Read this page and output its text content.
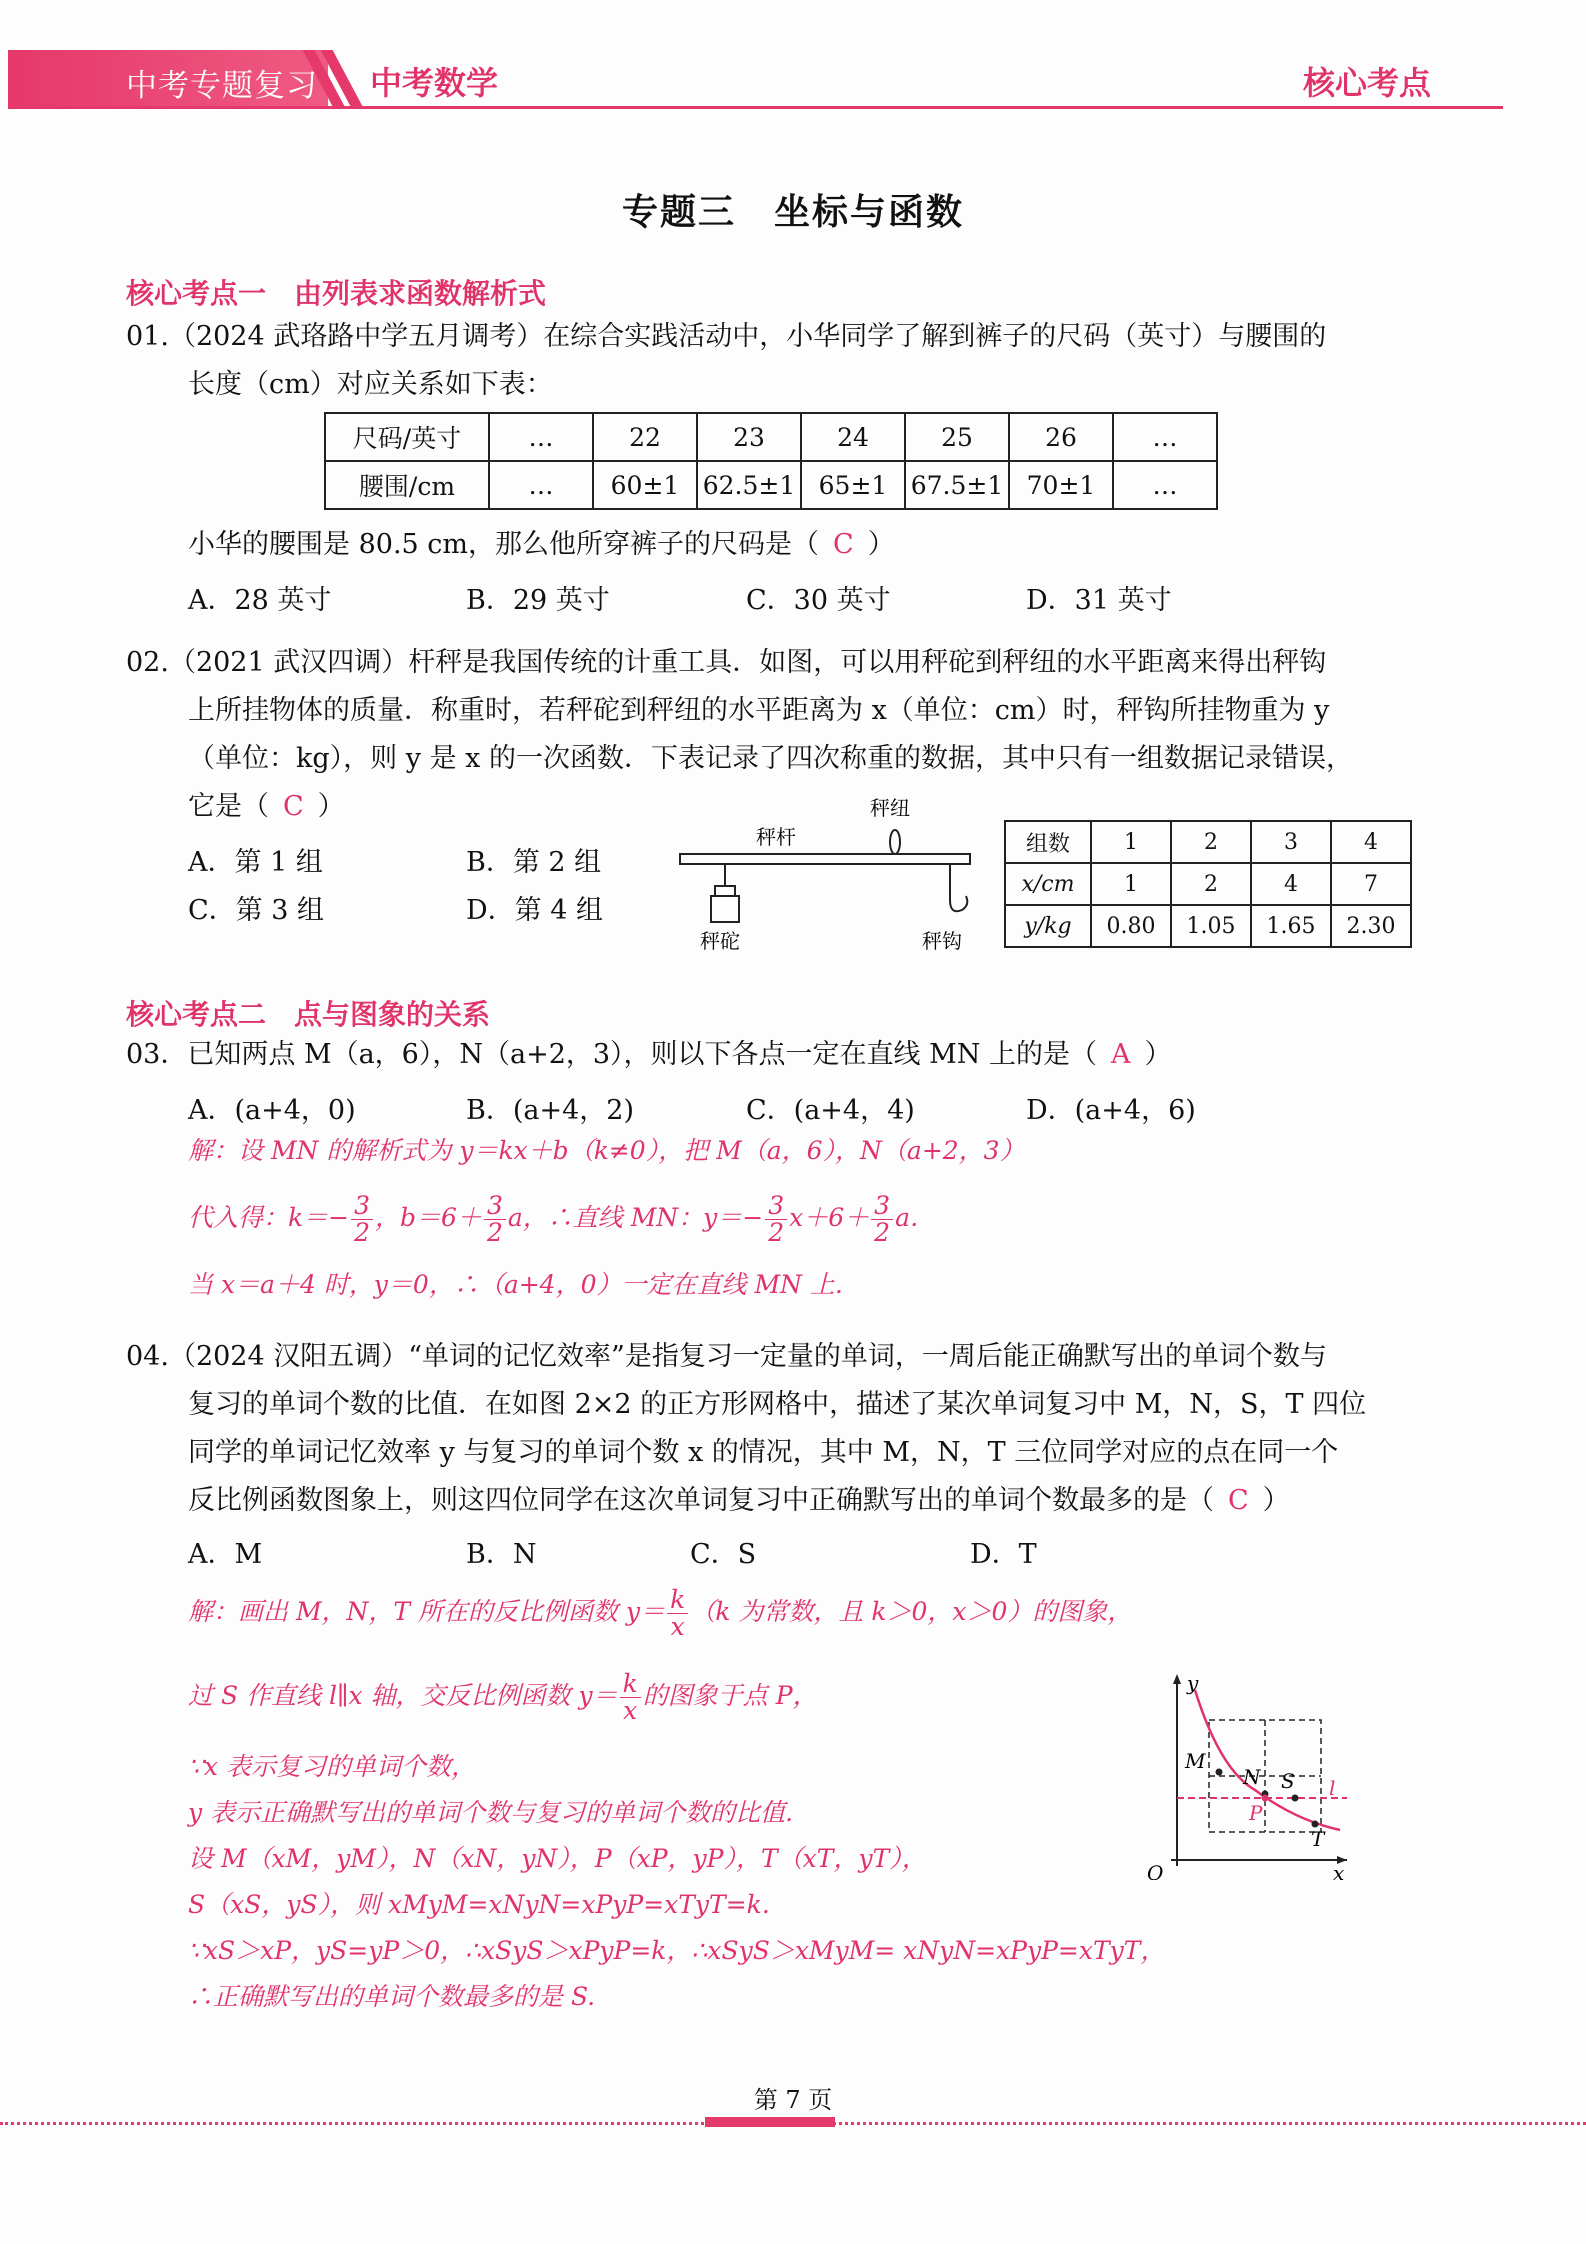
中考专题复习 中考数学	核心考点
专题三　坐标与函数
核心考点一　由列表求函数解析式
01.（2024 武珞路中学五月调考）在综合实践活动中，小华同学了解到裤子的尺码（英寸）与腰围的
长度（cm）对应关系如下表：
尺码/英寸	…	22	23	24	25	26	…
腰围/cm	…	60±1	62.5±1	65±1	67.5±1	70±1	…
小华的腰围是 80.5 cm，那么他所穿裤子的尺码是（ C ）
A．28 英寸	B．29 英寸	C．30 英寸	D．31 英寸
02.（2021 武汉四调）杆秤是我国传统的计重工具．如图，可以用秤砣到秤纽的水平距离来得出秤钩
上所挂物体的质量．称重时，若秤砣到秤纽的水平距离为 x（单位：cm）时，秤钩所挂物重为 y
（单位：kg），则 y 是 x 的一次函数．下表记录了四次称重的数据，其中只有一组数据记录错误，
它是（ C ）
A．第 1 组	B．第 2 组
C．第 3 组	D．第 4 组
秤纽
秤杆
秤砣	秤钩
组数	1	2	3	4
x/cm	1	2	4	7
y/kg	0.80	1.05	1.65	2.30
核心考点二　点与图象的关系
03．已知两点 M（a，6），N（a+2，3），则以下各点一定在直线 MN 上的是（ A ）
A．(a+4，0)	B．(a+4，2)	C．(a+4，4)	D．(a+4，6)
解：设 MN 的解析式为 y＝kx＋b（k≠0），把 M（a，6），N（a+2，3）
代入得：$k=- \frac{3}{2}$ ，$b=6+ \frac{3}{2}$ a，∴直线 MN：$y=- \frac{3}{2} x+6+ \frac{3}{2}$ a．
当 x＝a＋4 时，y＝0，∴（a+4，0）一定在直线 MN 上.
04.（2024 汉阳五调）“单词的记忆效率”是指复习一定量的单词，一周后能正确默写出的单词个数与
复习的单词个数的比值．在如图 2×2 的正方形网格中，描述了某次单词复习中 M，N，S，T 四位
同学的单词记忆效率 y 与复习的单词个数 x 的情况，其中 M，N，T 三位同学对应的点在同一个
反比例函数图象上，则这四位同学在这次单词复习中正确默写出的单词个数最多的是（ C ）
A．M	B．N	C．S	D．T
解：画出 M，N，T 所在的反比例函数 $y= \frac{k}{x} (k$ 为常数，且 k＞0，x＞0）的图象，
过 S 作直线 l∥x 轴，交反比例函数 $y= \frac{k}{x}$ 的图象于点 P，
∵x 表示复习的单词个数，
y 表示正确默写出的单词个数与复习的单词个数的比值.
设 M（xM，yM），N（xN，yN），P（xP，yP），T（xT，yT），
S（xS，yS），则 xMyM=xNyN=xPyP=xTyT=k.
∵xS＞xP，yS=yP＞0，∴xSyS＞xPyP=k，∴xSyS＞xMyM= xNyN=xPyP=xTyT，
∴正确默写出的单词个数最多的是 S.
y
x
O
l
M
N S
P
T
第 7 页
